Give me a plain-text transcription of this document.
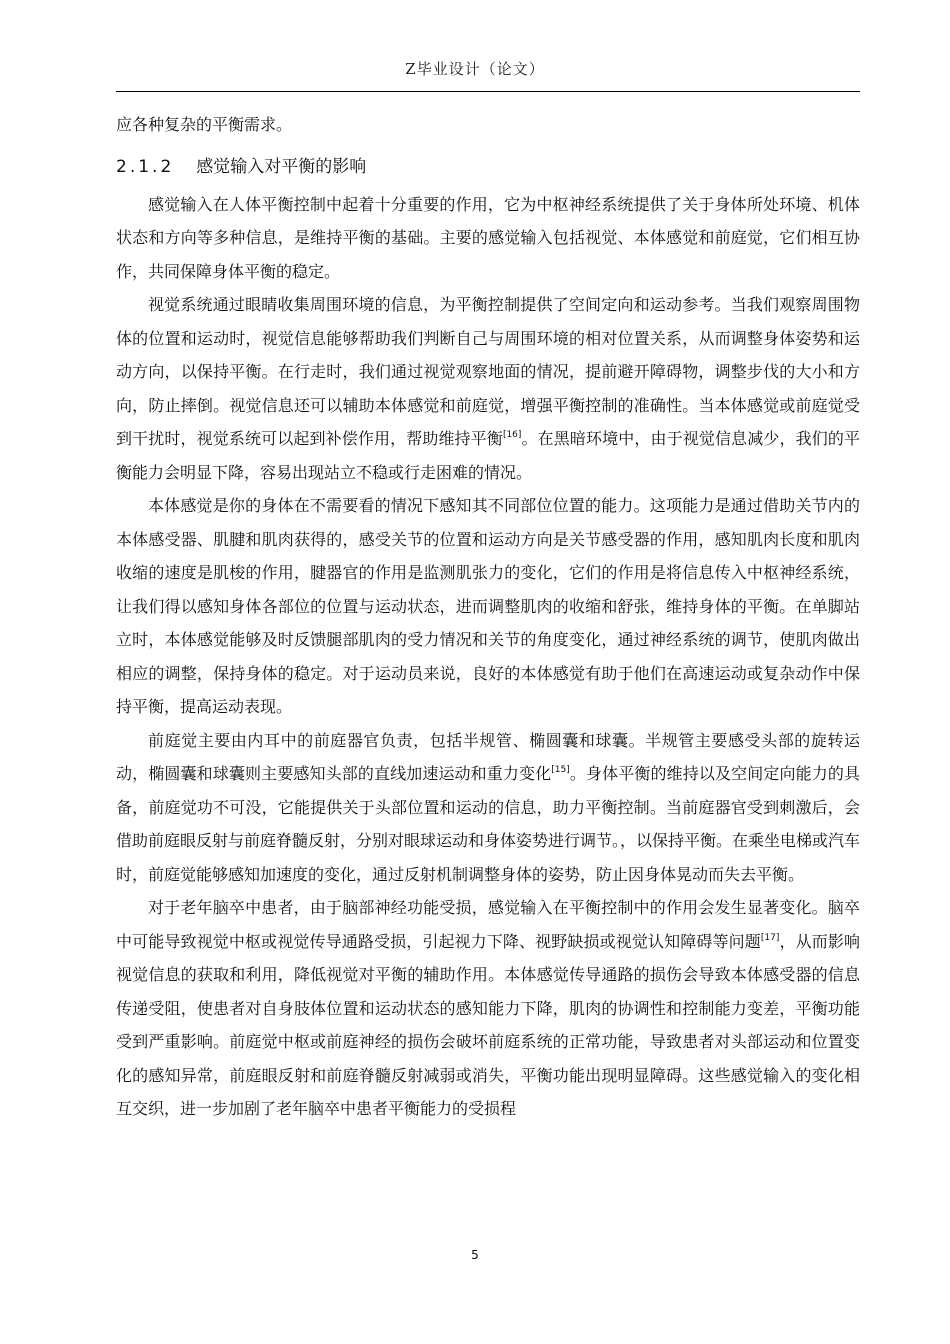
Z毕业设计（论文）

应各种复杂的平衡需求。

2.1.2 感觉输入对平衡的影响

感觉输入在人体平衡控制中起着十分重要的作用，它为中枢神经系统提供了关于身体所处环境、机体状态和方向等多种信息，是维持平衡的基础。主要的感觉输入包括视觉、本体感觉和前庭觉，它们相互协作，共同保障身体平衡的稳定。

视觉系统通过眼睛收集周围环境的信息，为平衡控制提供了空间定向和运动参考。当我们观察周围物体的位置和运动时，视觉信息能够帮助我们判断自己与周围环境的相对位置关系，从而调整身体姿势和运动方向，以保持平衡。在行走时，我们通过视觉观察地面的情况，提前避开障碍物，调整步伐的大小和方向，防止摔倒。视觉信息还可以辅助本体感觉和前庭觉，增强平衡控制的准确性。当本体感觉或前庭觉受到干扰时，视觉系统可以起到补偿作用，帮助维持平衡[16]。在黑暗环境中，由于视觉信息减少，我们的平衡能力会明显下降，容易出现站立不稳或行走困难的情况。

本体感觉是你的身体在不需要看的情况下感知其不同部位位置的能力。这项能力是通过借助关节内的本体感受器、肌腱和肌肉获得的，感受关节的位置和运动方向是关节感受器的作用，感知肌肉长度和肌肉收缩的速度是肌梭的作用，腱器官的作用是监测肌张力的变化，它们的作用是将信息传入中枢神经系统，让我们得以感知身体各部位的位置与运动状态，进而调整肌肉的收缩和舒张，维持身体的平衡。在单脚站立时，本体感觉能够及时反馈腿部肌肉的受力情况和关节的角度变化，通过神经系统的调节，使肌肉做出相应的调整，保持身体的稳定。对于运动员来说，良好的本体感觉有助于他们在高速运动或复杂动作中保持平衡，提高运动表现。

前庭觉主要由内耳中的前庭器官负责，包括半规管、椭圆囊和球囊。半规管主要感受头部的旋转运动，椭圆囊和球囊则主要感知头部的直线加速运动和重力变化[15]。身体平衡的维持以及空间定向能力的具备，前庭觉功不可没，它能提供关于头部位置和运动的信息，助力平衡控制。当前庭器官受到刺激后，会借助前庭眼反射与前庭脊髓反射，分别对眼球运动和身体姿势进行调节。，以保持平衡。在乘坐电梯或汽车时，前庭觉能够感知加速度的变化，通过反射机制调整身体的姿势，防止因身体晃动而失去平衡。

对于老年脑卒中患者，由于脑部神经功能受损，感觉输入在平衡控制中的作用会发生显著变化。脑卒中可能导致视觉中枢或视觉传导通路受损，引起视力下降、视野缺损或视觉认知障碍等问题[17]，从而影响视觉信息的获取和利用，降低视觉对平衡的辅助作用。本体感觉传导通路的损伤会导致本体感受器的信息传递受阻，使患者对自身肢体位置和运动状态的感知能力下降，肌肉的协调性和控制能力变差，平衡功能受到严重影响。前庭觉中枢或前庭神经的损伤会破坏前庭系统的正常功能，导致患者对头部运动和位置变化的感知异常，前庭眼反射和前庭脊髓反射减弱或消失，平衡功能出现明显障碍。这些感觉输入的变化相互交织，进一步加剧了老年脑卒中患者平衡能力的受损程

5
